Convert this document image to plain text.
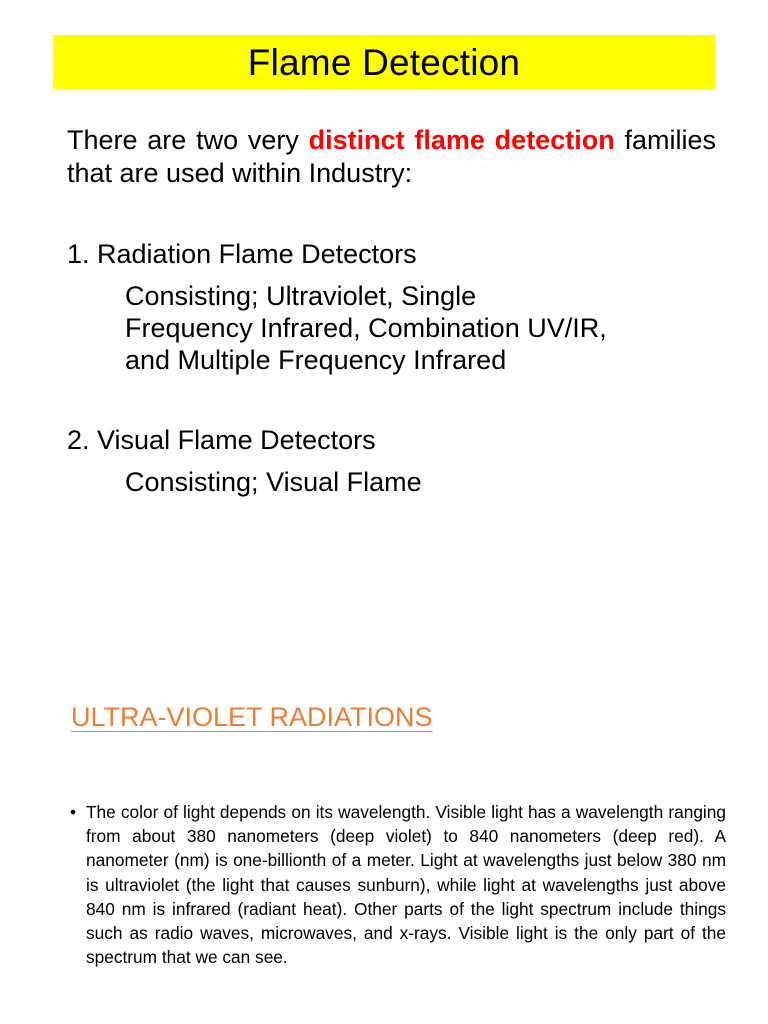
Flame Detection
There are two very distinct flame detection families that are used within Industry:
1. Radiation Flame Detectors
Consisting; Ultraviolet, Single
Frequency Infrared, Combination UV/IR,
and Multiple Frequency Infrared
2. Visual Flame Detectors
Consisting; Visual Flame
ULTRA-VIOLET RADIATIONS
• The color of light depends on its wavelength. Visible light has a wavelength ranging from about 380 nanometers (deep violet) to 840 nanometers (deep red). A nanometer (nm) is one-billionth of a meter. Light at wavelengths just below 380 nm is ultraviolet (the light that causes sunburn), while light at wavelengths just above 840 nm is infrared (radiant heat). Other parts of the light spectrum include things such as radio waves, microwaves, and x-rays. Visible light is the only part of the spectrum that we can see.
